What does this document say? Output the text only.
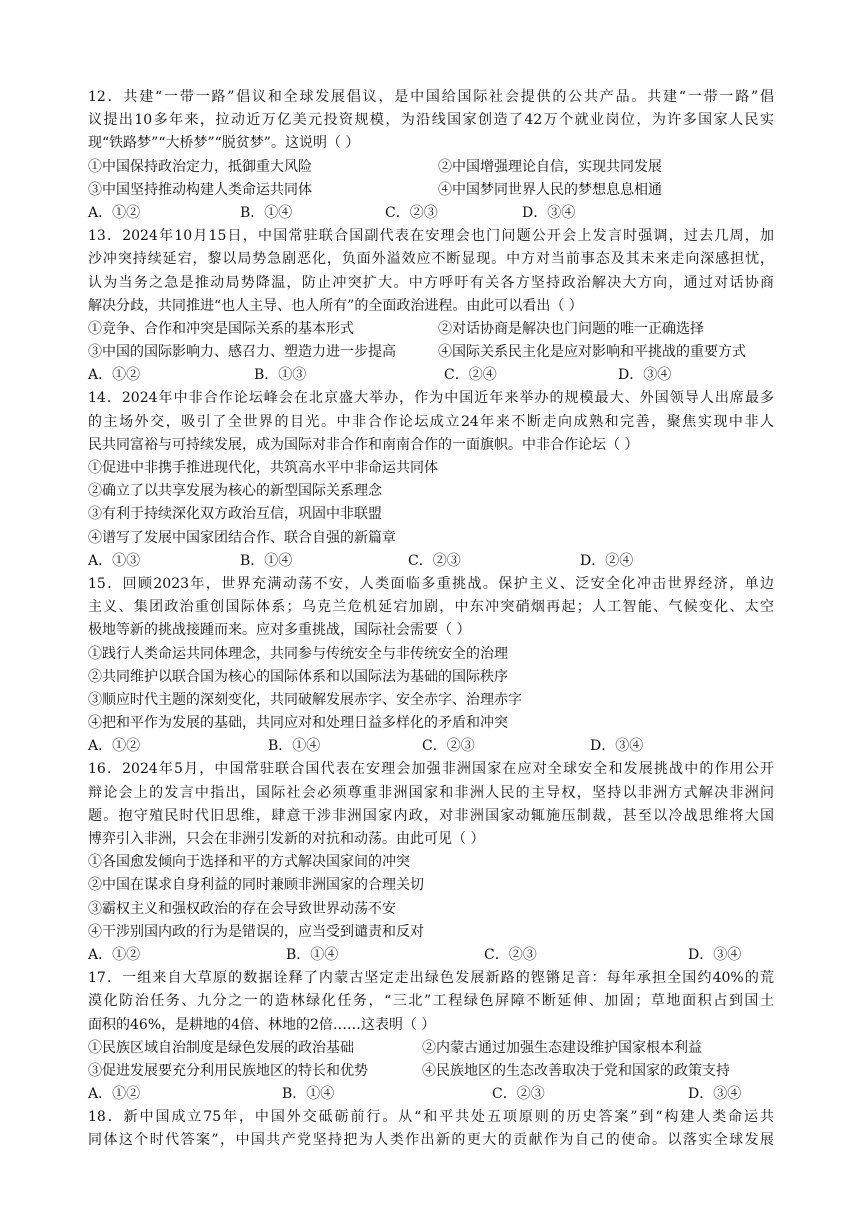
12．共建“一带一路”倡议和全球发展倡议，是中国给国际社会提供的公共产品。共建“一带一路”倡
议提出10多年来，拉动近万亿美元投资规模，为沿线国家创造了42万个就业岗位，为许多国家人民实
现“铁路梦”“大桥梦”“脱贫梦”。这说明（ ）
①中国保持政治定力，抵御重大风险	②中国增强理论自信，实现共同发展
③中国坚持推动构建人类命运共同体	④中国梦同世界人民的梦想息息相通
A．①②	B．①④	C．②③	D．③④
13．2024年10月15日，中国常驻联合国副代表在安理会也门问题公开会上发言时强调，过去几周，加
沙冲突持续延宕，黎以局势急剧恶化，负面外溢效应不断显现。中方对当前事态及其未来走向深感担忧，
认为当务之急是推动局势降温，防止冲突扩大。中方呼吁有关各方坚持政治解决大方向，通过对话协商
解决分歧，共同推进“也人主导、也人所有”的全面政治进程。由此可以看出（ ）
①竞争、合作和冲突是国际关系的基本形式	②对话协商是解决也门问题的唯一正确选择
③中国的国际影响力、感召力、塑造力进一步提高	④国际关系民主化是应对影响和平挑战的重要方式
A．①②	B．①③	C．②④	D．③④
14．2024年中非合作论坛峰会在北京盛大举办，作为中国近年来举办的规模最大、外国领导人出席最多
的主场外交，吸引了全世界的目光。中非合作论坛成立24年来不断走向成熟和完善，聚焦实现中非人
民共同富裕与可持续发展，成为国际对非合作和南南合作的一面旗帜。中非合作论坛（ ）
①促进中非携手推进现代化，共筑高水平中非命运共同体
②确立了以共享发展为核心的新型国际关系理念
③有利于持续深化双方政治互信，巩固中非联盟
④谱写了发展中国家团结合作、联合自强的新篇章
A．①③	B．①④	C．②③	D．②④
15．回顾2023年，世界充满动荡不安，人类面临多重挑战。保护主义、泛安全化冲击世界经济，单边
主义、集团政治重创国际体系；乌克兰危机延宕加剧，中东冲突硝烟再起；人工智能、气候变化、太空
极地等新的挑战接踵而来。应对多重挑战，国际社会需要（ ）
①践行人类命运共同体理念，共同参与传统安全与非传统安全的治理
②共同维护以联合国为核心的国际体系和以国际法为基础的国际秩序
③顺应时代主题的深刻变化，共同破解发展赤字、安全赤字、治理赤字
④把和平作为发展的基础，共同应对和处理日益多样化的矛盾和冲突
A．①②	B．①④	C．②③	D．③④
16．2024年5月，中国常驻联合国代表在安理会加强非洲国家在应对全球安全和发展挑战中的作用公开
辩论会上的发言中指出，国际社会必须尊重非洲国家和非洲人民的主导权，坚持以非洲方式解决非洲问
题。抱守殖民时代旧思维，肆意干涉非洲国家内政，对非洲国家动辄施压制裁，甚至以冷战思维将大国
博弈引入非洲，只会在非洲引发新的对抗和动荡。由此可见（ ）
①各国愈发倾向于选择和平的方式解决国家间的冲突
②中国在谋求自身利益的同时兼顾非洲国家的合理关切
③霸权主义和强权政治的存在会导致世界动荡不安
④干涉别国内政的行为是错误的，应当受到谴责和反对
A．①②	B．①④	C．②③	D．③④
17．一组来自大草原的数据诠释了内蒙古坚定走出绿色发展新路的铿锵足音：每年承担全国约40%的荒
漠化防治任务、九分之一的造林绿化任务，“三北”工程绿色屏障不断延伸、加固；草地面积占到国土
面积的46%，是耕地的4倍、林地的2倍……这表明（ ）
①民族区域自治制度是绿色发展的政治基础	②内蒙古通过加强生态建设维护国家根本利益
③促进发展要充分利用民族地区的特长和优势	④民族地区的生态改善取决于党和国家的政策支持
A．①②	B．①④	C．②③	D．③④
18．新中国成立75年，中国外交砥砺前行。从“和平共处五项原则的历史答案”到“构建人类命运共
同体这个时代答案”，中国共产党坚持把为人类作出新的更大的贡献作为自己的使命。以落实全球发展
